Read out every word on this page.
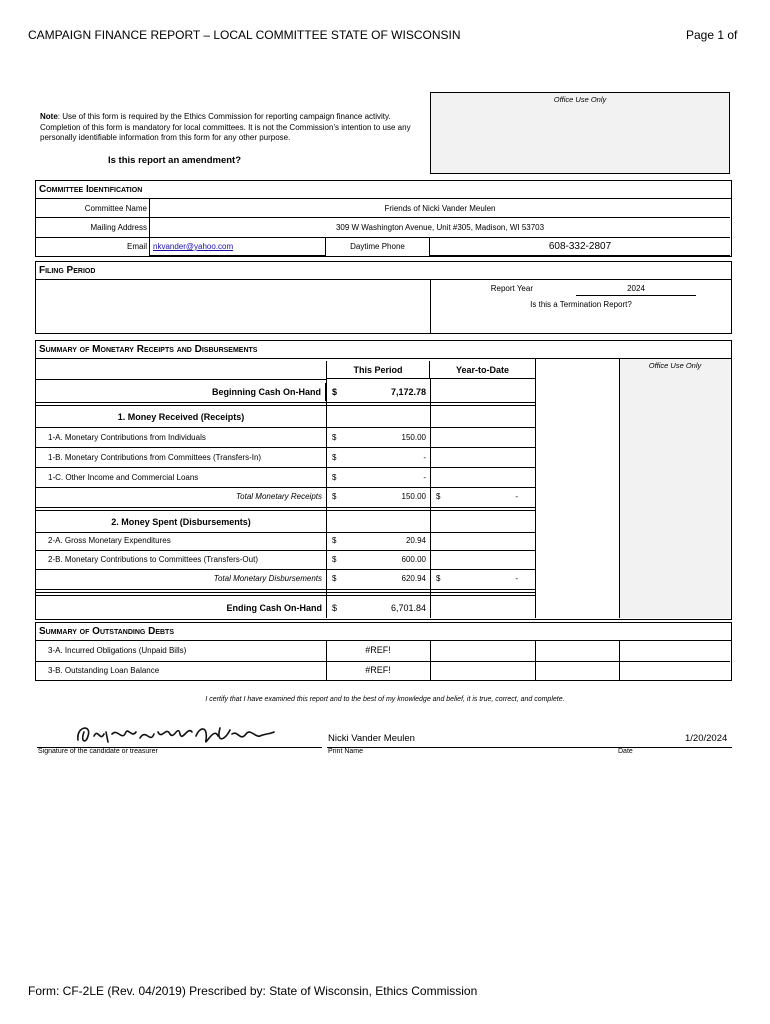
CAMPAIGN FINANCE REPORT – LOCAL COMMITTEE STATE OF WISCONSIN	Page 1 of
Note: Use of this form is required by the Ethics Commission for reporting campaign finance activity. Completion of this form is mandatory for local committees. It is not the Commission's intention to use any personally identifiable information from this form for any other purpose.
Is this report an amendment?
Office Use Only
Committee Identification
Committee Name	Friends of Nicki Vander Meulen
Mailing Address	309 W Washington Avenue, Unit #305, Madison, WI 53703
Email nkvander@yahoo.com	Daytime Phone	608-332-2807
Filing Period
Report Year	2024
Is this a Termination Report?
Summary of Monetary Receipts and Disbursements
Office Use Only
This Period	Year-to-Date
Beginning Cash On-Hand	$	7,172.78
1. Money Received (Receipts)
1-A. Monetary Contributions from Individuals	$	150.00
1-B. Monetary Contributions from Committees (Transfers-In)	$	-
1-C. Other Income and Commercial Loans	$	-
Total Monetary Receipts	$	150.00 $	-
2. Money Spent (Disbursements)
2-A. Gross Monetary Expenditures	$	20.94
2-B. Monetary Contributions to Committees (Transfers-Out)	$	600.00
Total Monetary Disbursements	$	620.94 $	-
Ending Cash On-Hand	$	6,701.84
Summary of Outstanding Debts
3-A. Incurred Obligations (Unpaid Bills)	#REF!
3-B. Outstanding Loan Balance	#REF!
I certify that I have examined this report and to the best of my knowledge and belief, it is true, correct, and complete.
Signature of the candidate or treasurer
Nicki Vander Meulen
Print Name
1/20/2024
Date
Form: CF-2LE (Rev. 04/2019) Prescribed by: State of Wisconsin, Ethics Commission
